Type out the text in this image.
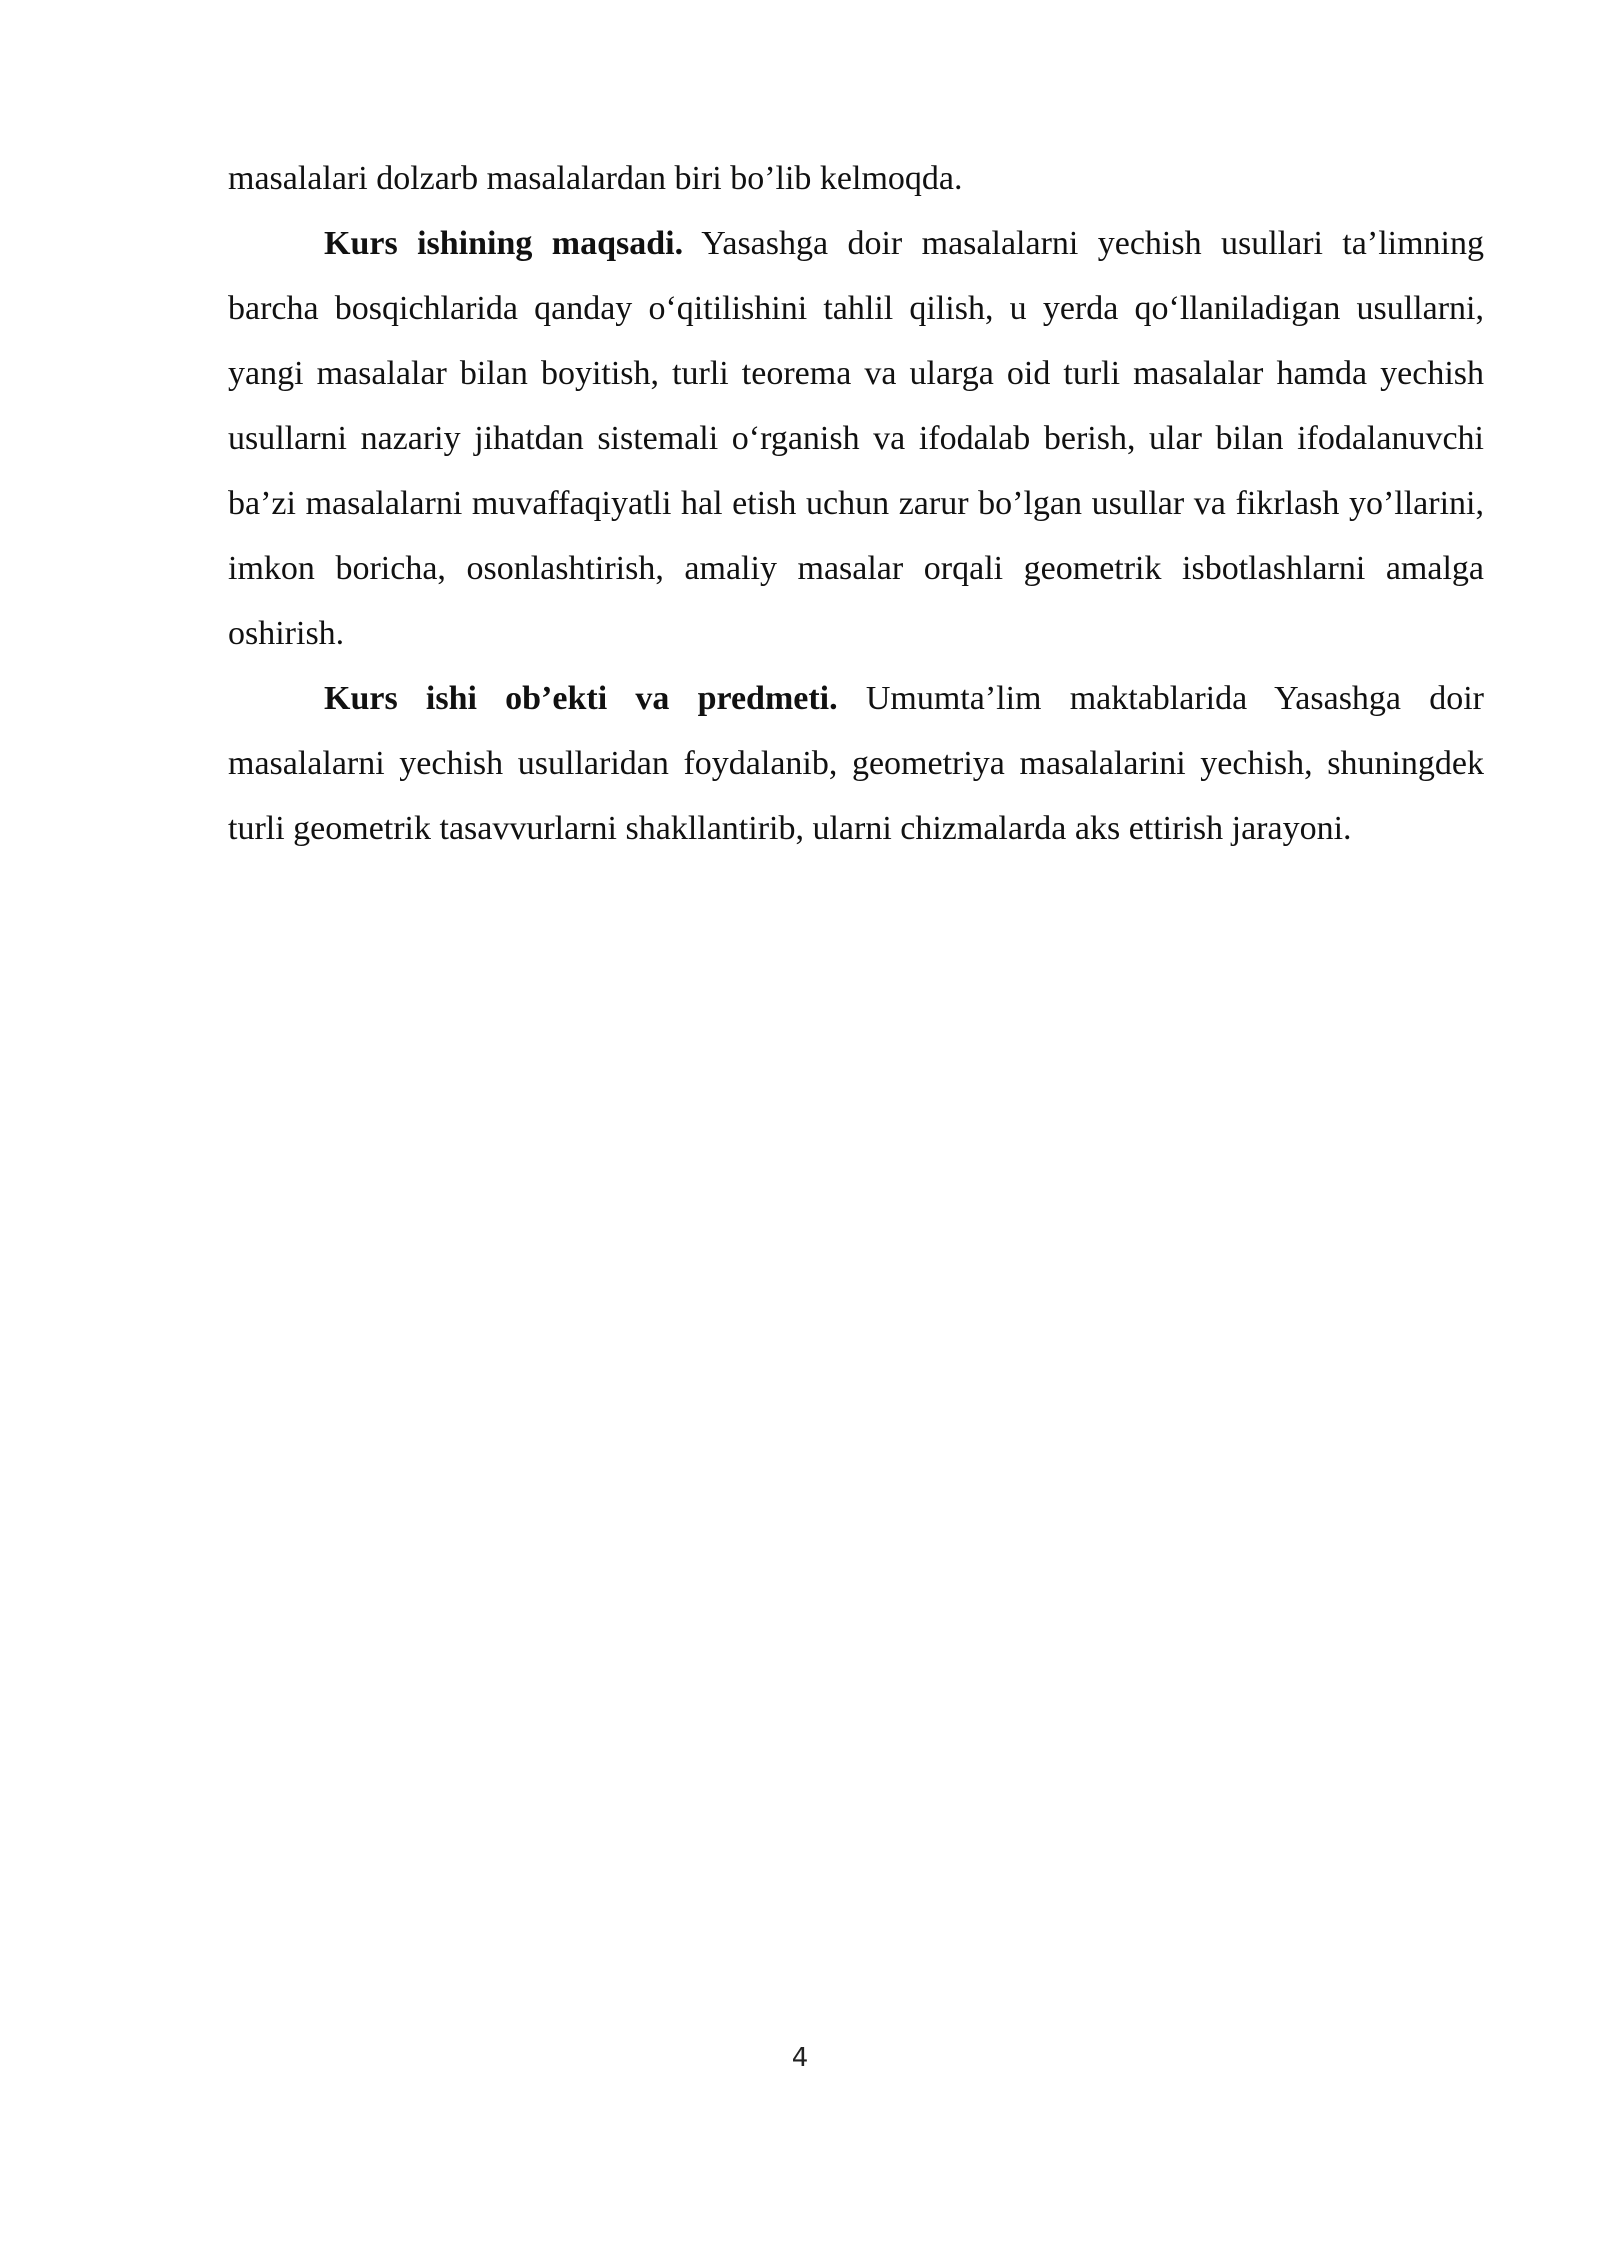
masalalari dolzarb masalalardan biri bo’lib kelmoqda.

Kurs ishining maqsadi. Yasashga doir masalalarni yechish usullari ta’limning barcha bosqichlarida qanday o‘qitilishini tahlil qilish, u yerda qo‘llaniladigan usullarni, yangi masalalar bilan boyitish, turli teorema va ularga oid turli masalalar hamda yechish usullarni nazariy jihatdan sistemali o‘rganish va ifodalab berish, ular bilan ifodalanuvchi ba’zi masalalarni muvaffaqiyatli hal etish uchun zarur bo’lgan usullar va fikrlash yo’llarini, imkon boricha, osonlashtirish, amaliy masalar orqali geometrik isbotlashlarni amalga oshirish.

Kurs ishi ob’ekti va predmeti. Umumta’lim maktablarida Yasashga doir masalalarni yechish usullaridan foydalanib, geometriya masalalarini yechish, shuningdek turli geometrik tasavvurlarni shakllantirib, ularni chizmalarda aks ettirish jarayoni.

4
